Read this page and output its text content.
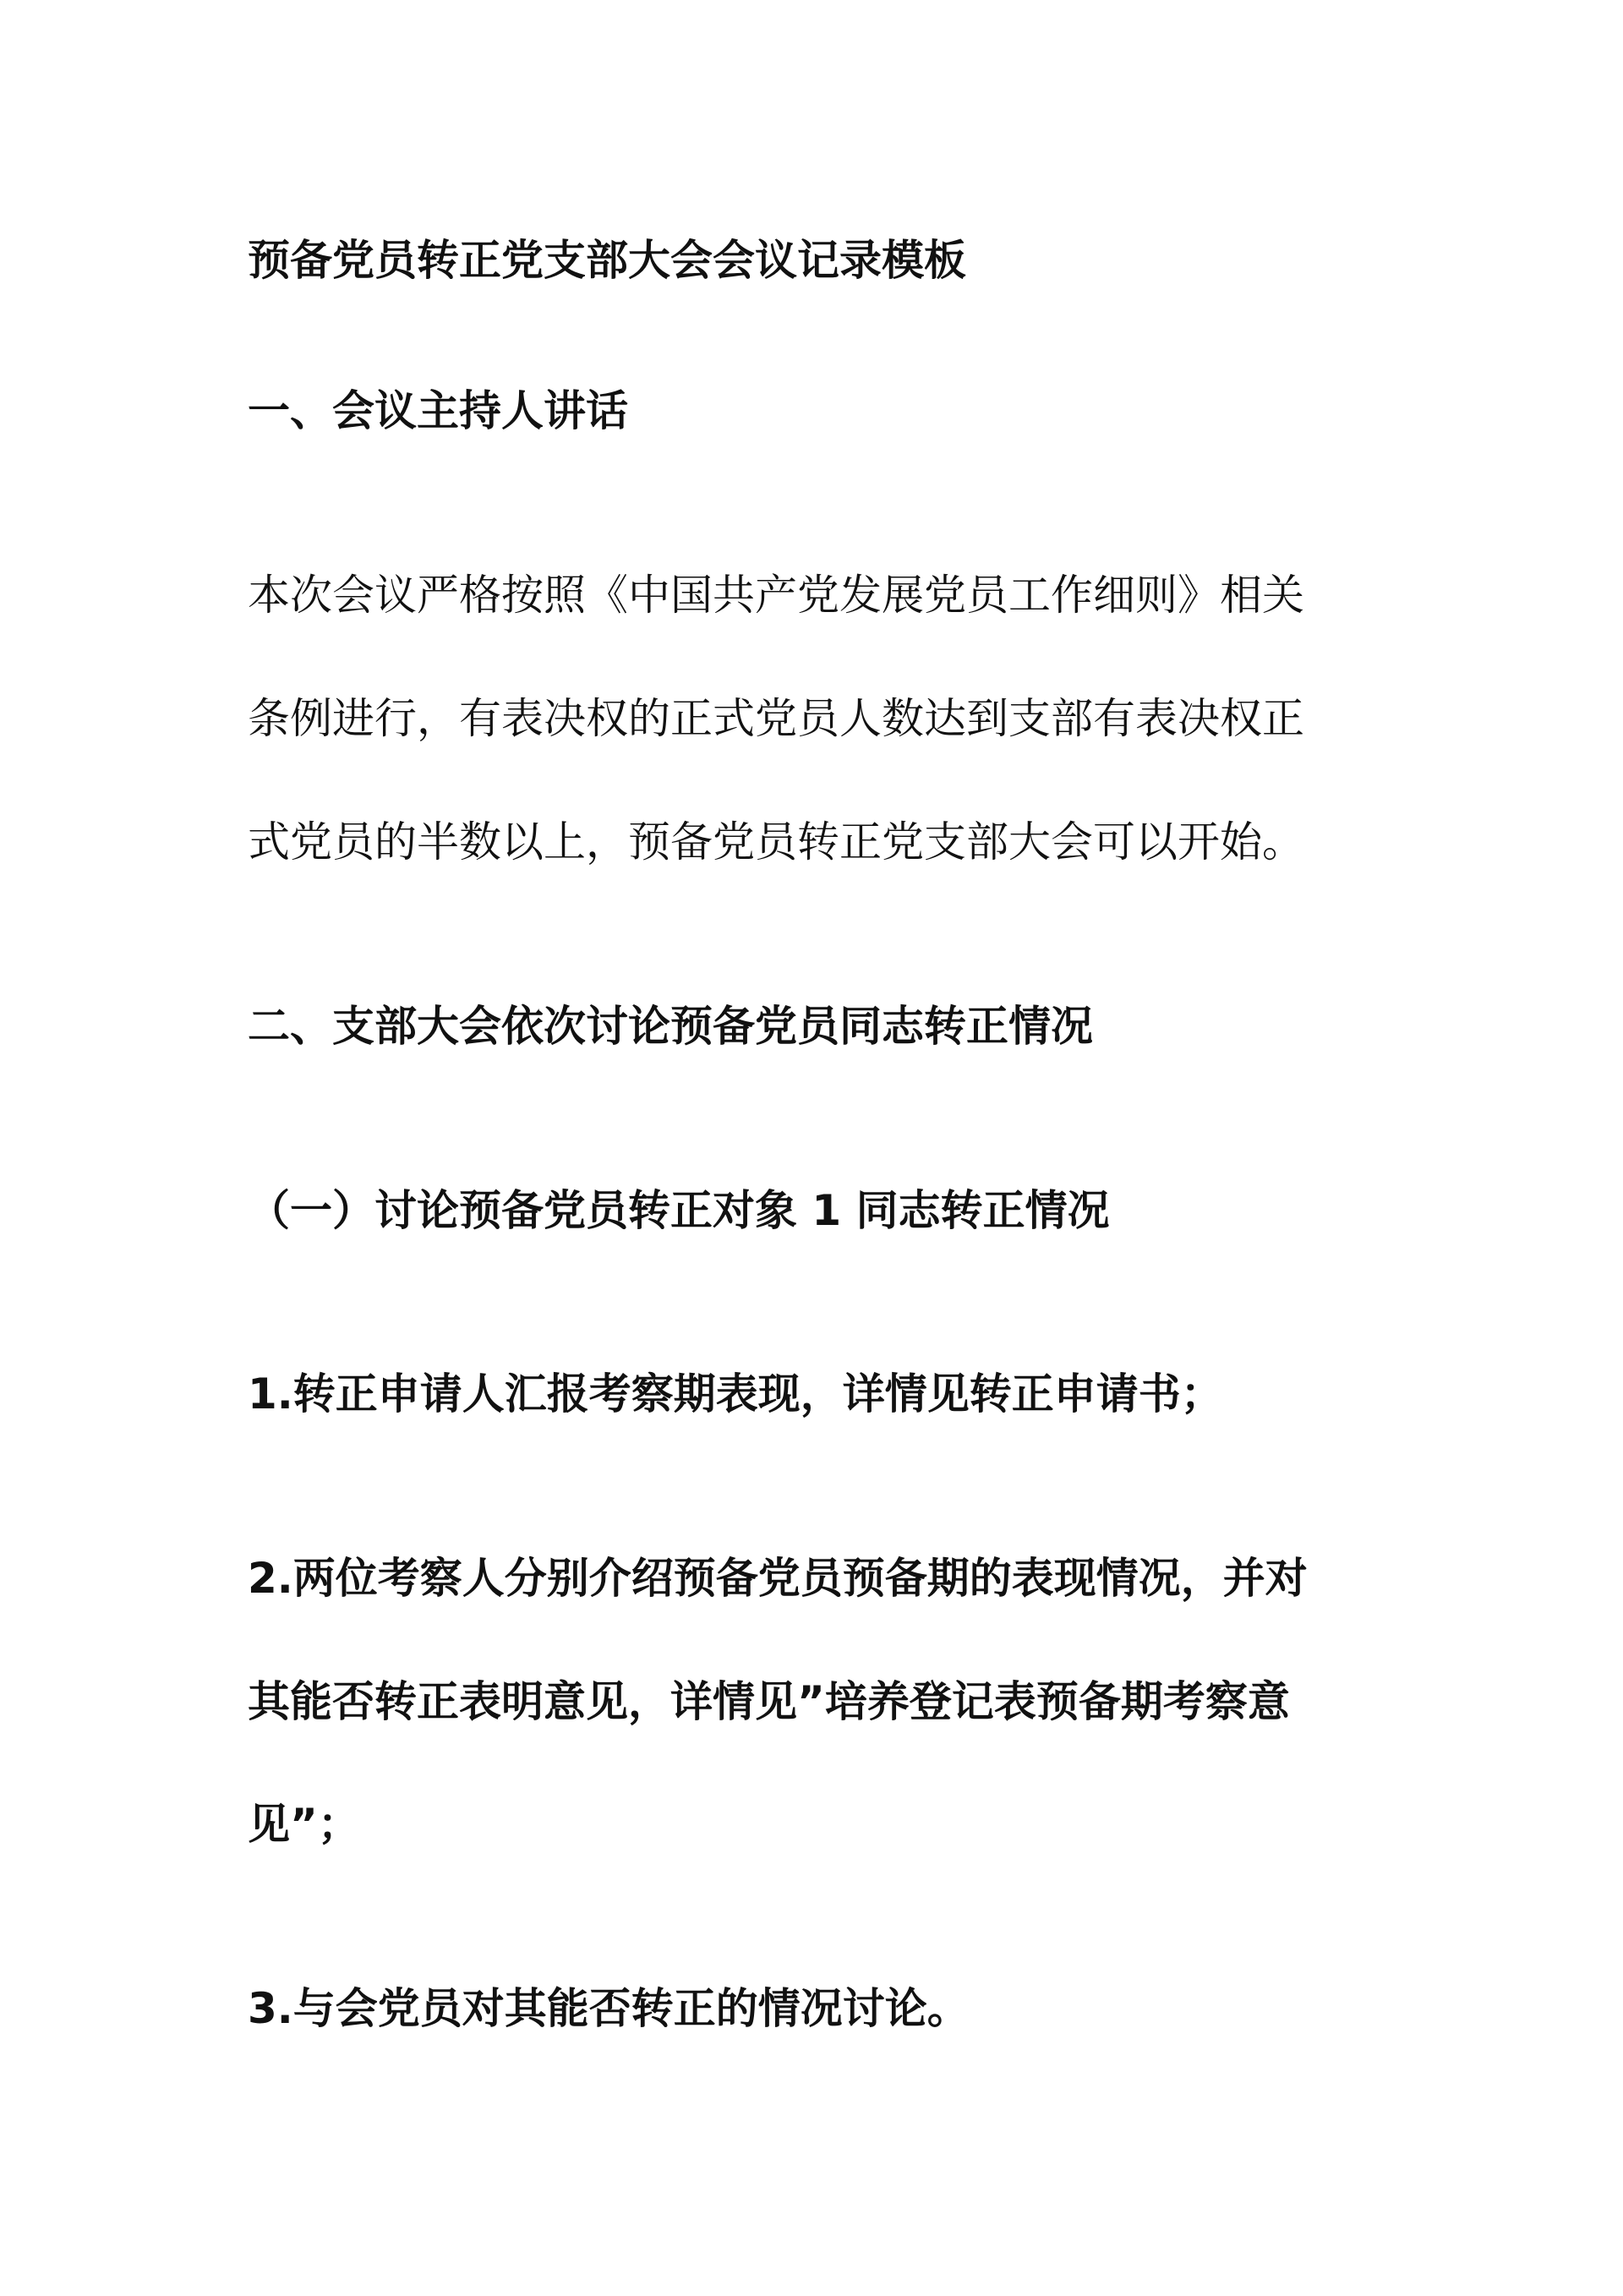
预备党员转正党支部大会会议记录模板

一、会议主持人讲话

本次会议严格按照《中国共产党发展党员工作细则》相关

条例进行，有表决权的正式党员人数达到支部有表决权正

式党员的半数以上，预备党员转正党支部大会可以开始。

二、支部大会依次讨论预备党员同志转正情况

（一）讨论预备党员转正对象 1 同志转正情况

1.转正申请人汇报考察期表现，详情见转正申请书；

2.两位考察人分别介绍预备党员预备期的表现情况，并对

其能否转正表明意见，详情见”培养登记表预备期考察意

见”；

3.与会党员对其能否转正的情况讨论。
